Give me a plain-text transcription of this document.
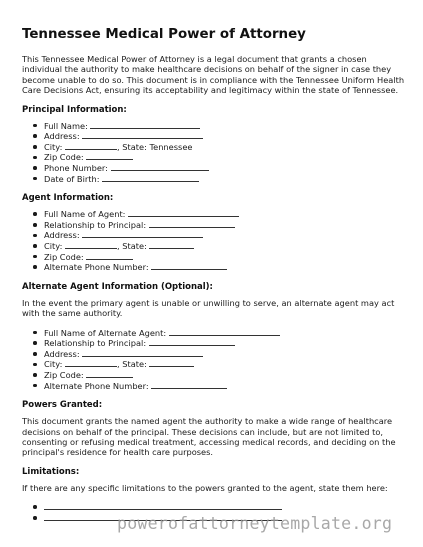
Tennessee Medical Power of Attorney

This Tennessee Medical Power of Attorney is a legal document that grants a chosen individual the authority to make healthcare decisions on behalf of the signer in case they become unable to do so. This document is in compliance with the Tennessee Uniform Health Care Decisions Act, ensuring its acceptability and legitimacy within the state of Tennessee.

Principal Information:
Full Name:
Address:
City:	, State: Tennessee
Zip Code:
Phone Number:
Date of Birth:
Agent Information:
Full Name of Agent:
Relationship to Principal:
Address:
City:	, State:
Zip Code:
Alternate Phone Number:
Alternate Agent Information (Optional):

In the event the primary agent is unable or unwilling to serve, an alternate agent may act with the same authority.

Full Name of Alternate Agent:
Relationship to Principal:
Address:
City:	, State:
Zip Code:
Alternate Phone Number:
Powers Granted:

This document grants the named agent the authority to make a wide range of healthcare decisions on behalf of the principal. These decisions can include, but are not limited to, consenting or refusing medical treatment, accessing medical records, and deciding on the principal's residence for health care purposes.

Limitations:

If there are any specific limitations to the powers granted to the agent, state them here:

powerofattorneytemplate.org
